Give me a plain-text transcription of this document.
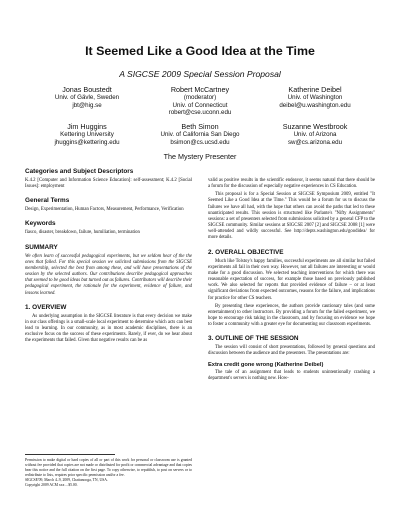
It Seemed Like a Good Idea at the Time
A SIGCSE 2009 Special Session Proposal
Jonas Boustedt
Univ. of Gävle, Sweden
jbt@hig.se
Robert McCartney
(moderator)
Univ. of Connecticut
robert@cse.uconn.edu
Katherine Deibel
Univ. of Washington
deibel@u.washington.edu
Jim Huggins
Kettering University
jhuggins@kettering.edu
Beth Simon
Univ. of California San Diego
bsimon@cs.ucsd.edu
Suzanne Westbrook
Univ. of Arizona
sw@cs.arizona.edu
The Mystery Presenter
Categories and Subject Descriptors

K.4.2 [Computer and Information Science Education]: self-assessment; K.4.2 [Social Issues]: employment

General Terms

Design, Experimentation, Human Factors, Measurement, Performance, Verification

Keywords

fiasco, disaster, breakdown, failure, humiliation, termination

SUMMARY

We often learn of successful pedagogical experiments, but we seldom hear of the the ones that failed. For this special session we solicited submissions from the SIGCSE membership, selected the best from among these, and will have presentations of the session by the selected authors. Our contributions describe pedagogical approaches that seemed to be good ideas but turned out as failures. Contributors will describe their pedagogical experiment, the rationale for the experiment, evidence of failure, and lessons learned.

1. OVERVIEW

As underlying assumption in the SIGCSE literature is that every decision we make in our class offerings is a small-scale local experiment to determine which acts can best lead to learning. In our community, as in most academic disciplines, there is an exclusive focus on the success of these experiments. Rarely, if ever, do we hear about the experiments that failed. Given that negative results can be as

Permission to make digital or hard copies of all or part of this work for personal or classroom use is granted without fee provided that copies are not made or distributed for profit or commercial advantage and that copies bear this notice and the full citation on the first page. To copy otherwise, to republish, to post on servers or to redistribute to lists, requires prior specific permission and/or a fee.

SIGCSE'09, March 4–9, 2009, Chattanooga, TN, USA.

Copyright 2009 ACM xxx ...$5.00.

valid as positive results in the scientific endeavor, it seems natural that there should be a forum for the discussion of especially negative experiences in CS Education.

This proposal is for a Special Session at SIGCSE Symposium 2009, entitled "It Seemed Like a Good Idea at the Time." This would be a forum for us to discuss the failures we have all had, with the hope that others can avoid the paths that led to these unanticipated results. This session is structured like Parlante's "Nifty Assignments" sessions: a set of presenters selected from submissions solicited by a general CFP to the SIGCSE community. Similar sessions at SIGCSE 2007 [2] and SIGCSE 2008 [1] were well-attended and wildly successful. See http://depts.washington.edu/goodidea/ for more details.

2. OVERALL OBJECTIVE

Much like Tolstoy's happy families, successful experiments are all similar but failed experiments all fail in their own way. However, not all failures are interesting or would make for a good discussion. We selected teaching interventions for which there was reasonable expectation of success, for example those based on previously published work. We also selected for reports that provided evidence of failure – or at least significant deviations from expected outcomes, reasons for the failure, and implications for practice for other CS teachers.

By presenting these experiences, the authors provide cautionary tales (and some entertainment) to other instructors. By providing a forum for the failed experiment, we hope to encourage risk taking in the classroom, and by focusing on evidence we hope to foster a community with a greater eye for documenting our classroom experiments.

3. OUTLINE OF THE SESSION

The session will consist of short presentations, followed by general questions and discussion between the audience and the presenters. The presentations are:

Extra credit gone wrong (Katherine Deibel)

The tale of an assignment that leads to students unintentionally crashing a department's servers is nothing new. How-
